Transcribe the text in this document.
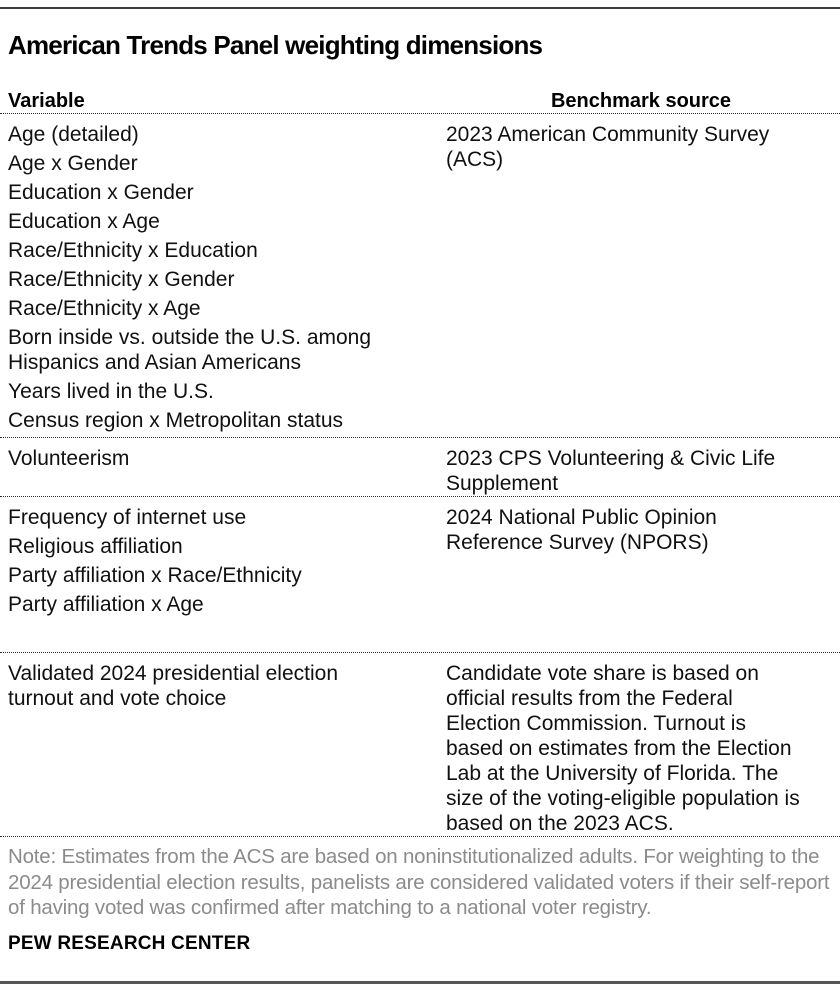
American Trends Panel weighting dimensions
Variable	Benchmark source
Age (detailed)
Age x Gender
Education x Gender
Education x Age
Race/Ethnicity x Education
Race/Ethnicity x Gender
Race/Ethnicity x Age
Born inside vs. outside the U.S. among Hispanics and Asian Americans
Years lived in the U.S.
Census region x Metropolitan status

2023 American Community Survey (ACS)

Volunteerism	2023 CPS Volunteering & Civic Life Supplement

Frequency of internet use
Religious affiliation
Party affiliation x Race/Ethnicity
Party affiliation x Age

2024 National Public Opinion Reference Survey (NPORS)

Validated 2024 presidential election turnout and vote choice

Candidate vote share is based on official results from the Federal Election Commission. Turnout is based on estimates from the Election Lab at the University of Florida. The size of the voting-eligible population is based on the 2023 ACS.

Note: Estimates from the ACS are based on noninstitutionalized adults. For weighting to the 2024 presidential election results, panelists are considered validated voters if their self-report of having voted was confirmed after matching to a national voter registry.
PEW RESEARCH CENTER
